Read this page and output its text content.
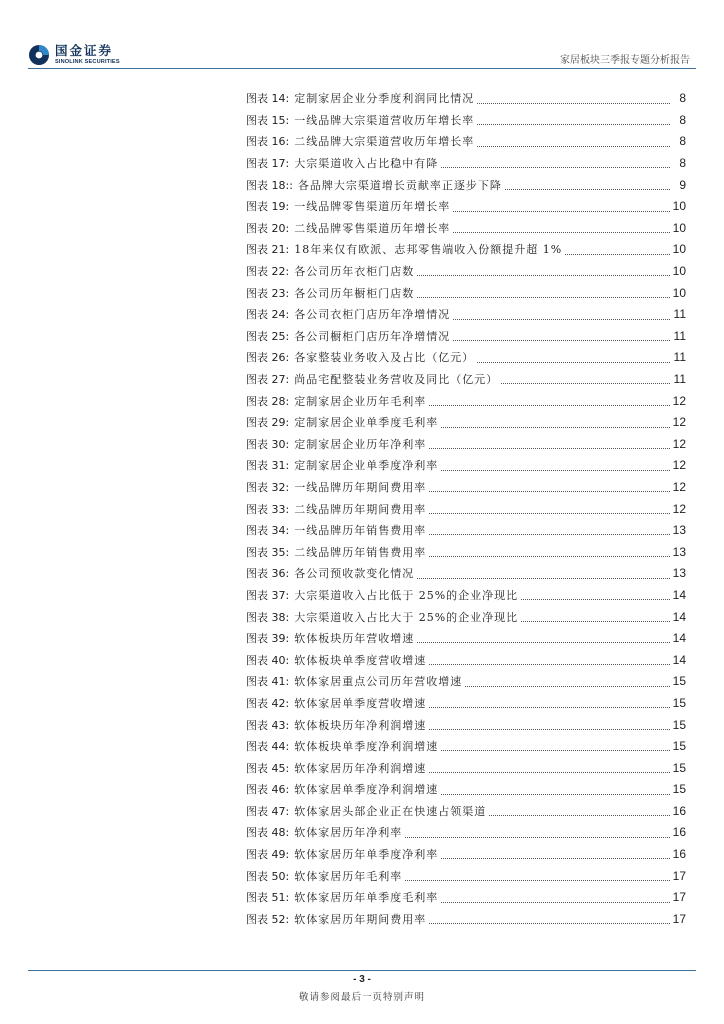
国金证券
SINOLINK SECURITIES	家居板块三季报专题分析报告
图表 14: 定制家居企业分季度利润同比情况	8
图表 15: 一线品牌大宗渠道营收历年增长率	8
图表 16: 二线品牌大宗渠道营收历年增长率	8
图表 17: 大宗渠道收入占比稳中有降	8
图表 18:: 各品牌大宗渠道增长贡献率正逐步下降	9
图表 19: 一线品牌零售渠道历年增长率	10
图表 20: 二线品牌零售渠道历年增长率	10
图表 21: 18年来仅有欧派、志邦零售端收入份额提升超 1%	10
图表 22: 各公司历年衣柜门店数	10
图表 23: 各公司历年橱柜门店数	10
图表 24: 各公司衣柜门店历年净增情况	11
图表 25: 各公司橱柜门店历年净增情况	11
图表 26: 各家整装业务收入及占比（亿元）	11
图表 27: 尚品宅配整装业务营收及同比（亿元）	11
图表 28: 定制家居企业历年毛利率	12
图表 29: 定制家居企业单季度毛利率	12
图表 30: 定制家居企业历年净利率	12
图表 31: 定制家居企业单季度净利率	12
图表 32: 一线品牌历年期间费用率	12
图表 33: 二线品牌历年期间费用率	12
图表 34: 一线品牌历年销售费用率	13
图表 35: 二线品牌历年销售费用率	13
图表 36: 各公司预收款变化情况	13
图表 37: 大宗渠道收入占比低于 25%的企业净现比	14
图表 38: 大宗渠道收入占比大于 25%的企业净现比	14
图表 39: 软体板块历年营收增速	14
图表 40: 软体板块单季度营收增速	14
图表 41: 软体家居重点公司历年营收增速	15
图表 42: 软体家居单季度营收增速	15
图表 43: 软体板块历年净利润增速	15
图表 44: 软体板块单季度净利润增速	15
图表 45: 软体家居历年净利润增速	15
图表 46: 软体家居单季度净利润增速	15
图表 47: 软体家居头部企业正在快速占领渠道	16
图表 48: 软体家居历年净利率	16
图表 49: 软体家居历年单季度净利率	16
图表 50: 软体家居历年毛利率	17
图表 51: 软体家居历年单季度毛利率	17
图表 52: 软体家居历年期间费用率	17
- 3 -
敬请参阅最后一页特别声明
